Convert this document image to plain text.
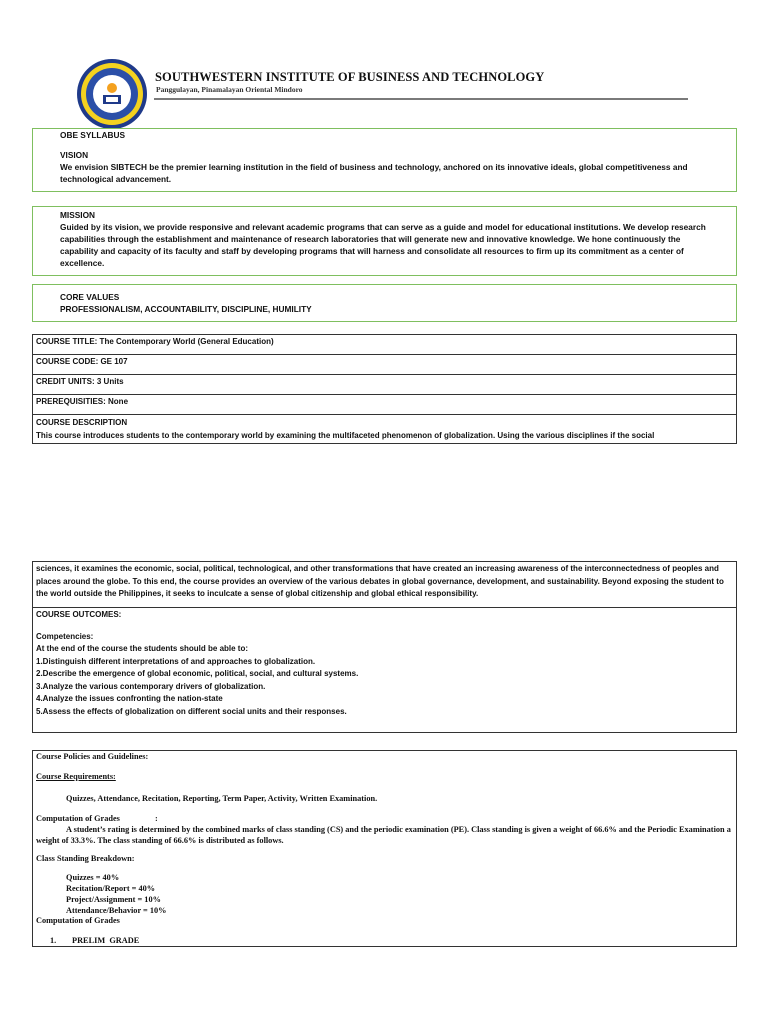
SOUTHWESTERN INSTITUTE OF BUSINESS AND TECHNOLOGY
Panggulayan, Pinamalayan Oriental Mindoro
OBE SYLLABUS
VISION
We envision SIBTECH be the premier learning institution in the field of business and technology, anchored on its innovative ideals, global competitiveness and technological advancement.
MISSION
Guided by its vision, we provide responsive and relevant academic programs that can serve as a guide and model for educational institutions. We develop research capabilities through the establishment and maintenance of research laboratories that will generate new and innovative knowledge. We hone continuously the capability and capacity of its faculty and staff by developing programs that will harness and consolidate all resources to firm up its commitment as a center of excellence.
CORE VALUES
PROFESSIONALISM, ACCOUNTABILITY, DISCIPLINE, HUMILITY
COURSE TITLE: The Contemporary World (General Education)
COURSE CODE: GE 107
CREDIT UNITS: 3 Units
PREREQUISITIES: None
COURSE DESCRIPTION
This course introduces students to the contemporary world by examining the multifaceted phenomenon of globalization. Using the various disciplines if the social
sciences, it examines the economic, social, political, technological, and other transformations that have created an increasing awareness of the interconnectedness of peoples and places around the globe. To this end, the course provides an overview of the various debates in global governance, development, and sustainability. Beyond exposing the student to the world outside the Philippines, it seeks to inculcate a sense of global citizenship and global ethical responsibility.
COURSE OUTCOMES:
Competencies:
At the end of the course the students should be able to:
1.Distinguish different interpretations of and approaches to globalization.
2.Describe the emergence of global economic, political, social, and cultural systems.
3.Analyze the various contemporary drivers of globalization.
4.Analyze the issues confronting the nation-state
5.Assess the effects of globalization on different social units and their responses.
Course Policies and Guidelines:
Course Requirements:
Quizzes, Attendance, Recitation, Reporting, Term Paper, Activity, Written Examination.
Computation of Grades	:
A student’s rating is determined by the combined marks of class standing (CS) and the periodic examination (PE). Class standing is given a weight of 66.6% and the Periodic Examination a weight of 33.3%. The class standing of 66.6% is distributed as follows.
Class Standing Breakdown:
Quizzes = 40%
Recitation/Report = 40%
Project/Assignment = 10%
Attendance/Behavior = 10%
Computation of Grades
1. PRELIM  GRADE
